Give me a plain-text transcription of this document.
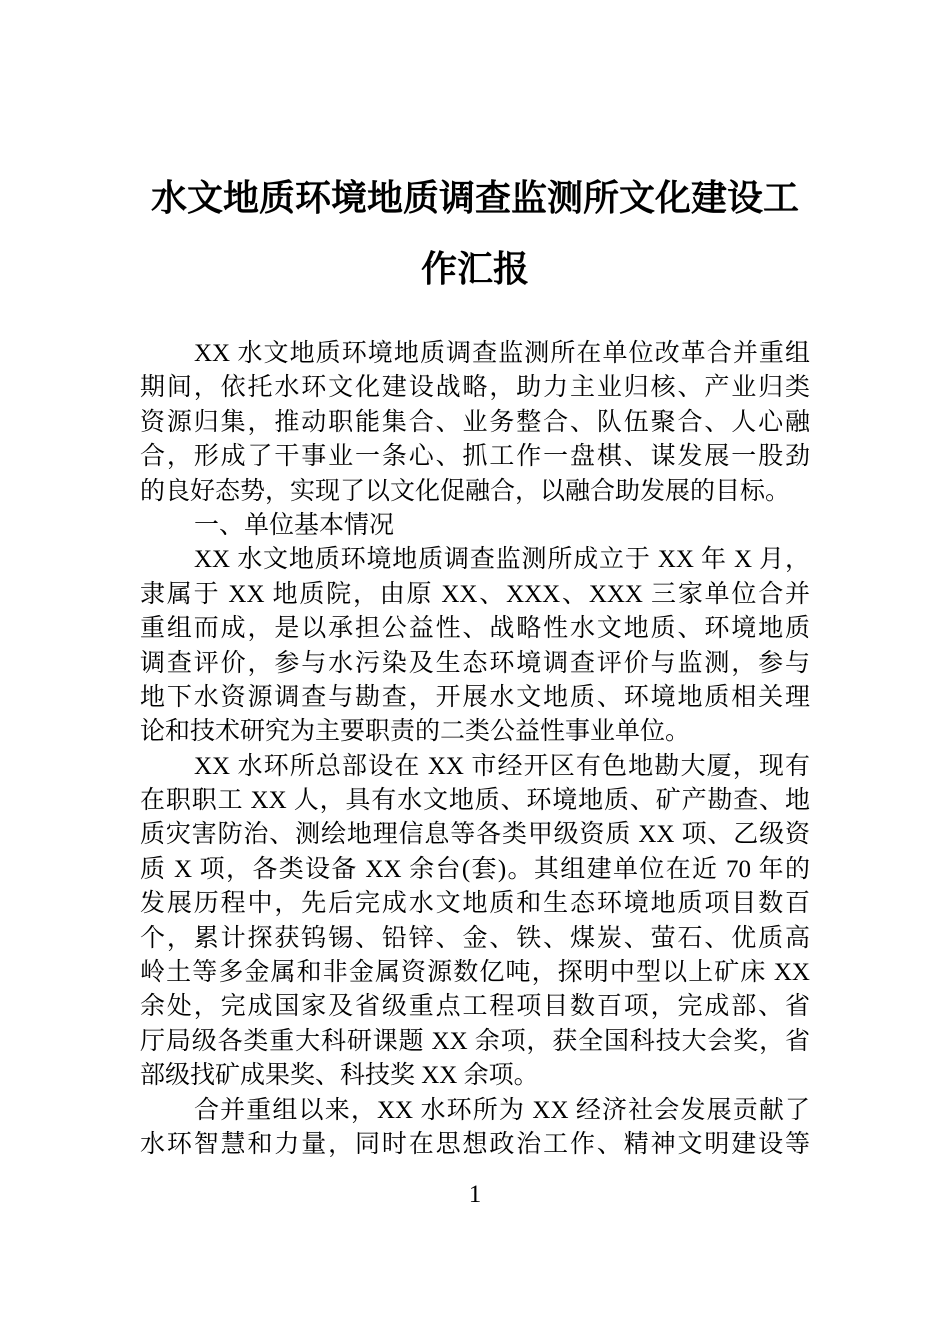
水文地质环境地质调查监测所文化建设工
作汇报

XX 水文地质环境地质调查监测所在单位改革合并重组
期间，依托水环文化建设战略，助力主业归核、产业归类
资源归集，推动职能集合、业务整合、队伍聚合、人心融
合，形成了干事业一条心、抓工作一盘棋、谋发展一股劲
的良好态势，实现了以文化促融合，以融合助发展的目标。

一、单位基本情况

XX 水文地质环境地质调查监测所成立于 XX 年 X 月，
隶属于 XX 地质院，由原 XX、XXX、XXX 三家单位合并
重组而成，是以承担公益性、战略性水文地质、环境地质
调查评价，参与水污染及生态环境调查评价与监测，参与
地下水资源调查与勘查，开展水文地质、环境地质相关理
论和技术研究为主要职责的二类公益性事业单位。

XX 水环所总部设在 XX 市经开区有色地勘大厦，现有
在职职工 XX 人，具有水文地质、环境地质、矿产勘查、地
质灾害防治、测绘地理信息等各类甲级资质 XX 项、乙级资
质 X 项，各类设备 XX 余台(套)。其组建单位在近 70 年的
发展历程中，先后完成水文地质和生态环境地质项目数百
个，累计探获钨锡、铅锌、金、铁、煤炭、萤石、优质高
岭土等多金属和非金属资源数亿吨，探明中型以上矿床 XX
余处，完成国家及省级重点工程项目数百项，完成部、省
厅局级各类重大科研课题 XX 余项，获全国科技大会奖，省
部级找矿成果奖、科技奖 XX 余项。

合并重组以来，XX 水环所为 XX 经济社会发展贡献了
水环智慧和力量，同时在思想政治工作、精神文明建设等

1
